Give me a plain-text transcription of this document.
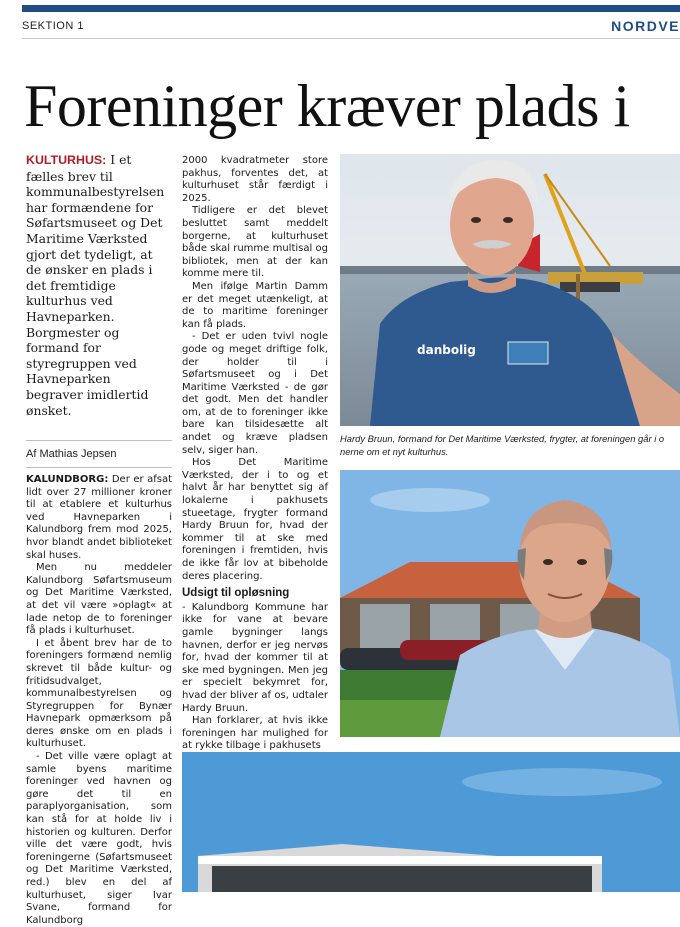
SEKTION 1	NORDVE
Foreninger kræver plads i
KULTURHUS: I et fælles brev til kommunalbestyrelsen har formændene for Søfartsmuseet og Det Maritime Værksted gjort det tydeligt, at de ønsker en plads i det fremtidige kulturhus ved Havneparken. Borgmester og formand for styregruppen ved Havneparken begraver imidlertid ønsket.
Af Mathias Jepsen

KALUNDBORG: Der er afsat lidt over 27 millioner kroner til at etablere et kulturhus ved Havneparken i Kalundborg frem mod 2025, hvor blandt andet biblioteket skal huses.

Men nu meddeler Kalundborg Søfartsmuseum og Det Maritime Værksted, at det vil være »oplagt« at lade netop de to foreninger få plads i kulturhuset.

I et åbent brev har de to foreningers formænd nemlig skrevet til både kultur- og fritidsudvalget, kommunalbestyrelsen og Styregruppen for Bynær Havnepark opmærksom på deres ønske om en plads i kulturhuset.

- Det ville være oplagt at samle byens maritime foreninger ved havnen og gøre det til en paraplyorganisation, som kan stå for at holde liv i historien og kulturen. Derfor ville det være godt, hvis foreningerne (Søfartsmuseet og Det Maritime Værksted, red.) blev en del af kulturhuset, siger Ivar Svane, formand for Kalundborg

2000 kvadratmeter store pakhus, forventes det, at kulturhuset står færdigt i 2025.

Tidligere er det blevet besluttet samt meddelt borgerne, at kulturhuset både skal rumme multisal og bibliotek, men at der kan komme mere til.

Men ifølge Martin Damm er det meget utænkeligt, at de to maritime foreninger kan få plads.

- Det er uden tvivl nogle gode og meget driftige folk, der holder til i Søfartsmuseet og i Det Maritime Værksted - de gør det godt. Men det handler om, at de to foreninger ikke bare kan tilsidesætte alt andet og kræve pladsen selv, siger han.

Hos Det Maritime Værksted, der i to og et halvt år har benyttet sig af lokalerne i pakhusets stueetage, frygter formand Hardy Bruun for, hvad der kommer til at ske med foreningen i fremtiden, hvis de ikke får lov at bibeholde deres placering.

Udsigt til opløsning

- Kalundborg Kommune har ikke for vane at bevare gamle bygninger langs havnen, derfor er jeg nervøs for, hvad der kommer til at ske med bygningen. Men jeg er specielt bekymret for, hvad der bliver af os, udtaler Hardy Bruun.

Han forklarer, at hvis ikke foreningen har mulighed for at rykke tilbage i pakhusets

danbolig
Hardy Bruun, formand for Det Maritime Værksted, frygter, at foreningen går i o
nerne om et nyt kulturhus.
